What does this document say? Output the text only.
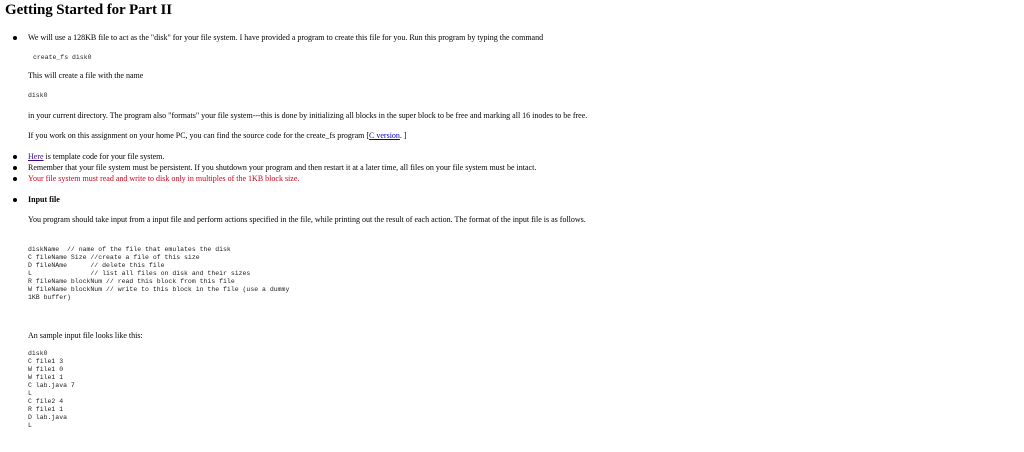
Getting Started for Part II
We will use a 128KB file to act as the "disk" for your file system. I have provided a program to create this file for you. Run this program by typing the command
create_fs disk0
This will create a file with the name
disk0
in your current directory. The program also "formats" your file system---this is done by initializing all blocks in the super block to be free and marking all 16 inodes to be free.
If you work on this assignment on your home PC, you can find the source code for the create_fs program [C version. ]
Here is template code for your file system.
Remember that your file system must be persistent. If you shutdown your program and then restart it at a later time, all files on your file system must be intact.
Your file system must read and write to disk only in multiples of the 1KB block size.
Input file
You program should take input from a input file and perform actions specified in the file, while printing out the result of each action. The format of the input file is as follows.
diskName  // name of the file that emulates the disk
C fileName Size //create a file of this size
D fileNAme      // delete this file
L               // list all files on disk and their sizes
R fileName blockNum // read this block from this file
W fileName blockNum // write to this block in the file (use a dummy
1KB buffer)
An sample input file looks like this:
disk0
C file1 3
W file1 0
W file1 1
C lab.java 7
L
C file2 4
R file1 1
D lab.java
L
